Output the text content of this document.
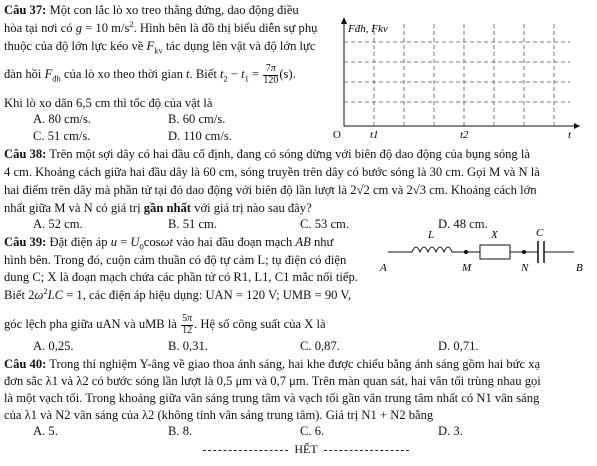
Câu 37: Một con lắc lò xo treo thẳng đứng, dao động điều
hòa tại nơi có g = 10 $m/s^2$. Hình bên là đồ thị biểu diễn sự phụ
thuộc của độ lớn lực kéo về $F_{kv}$ tác dụng lên vật và độ lớn lực
đàn hồi $F_{đh}$ của lò xo theo thời gian t. Biết $t_2 - t_1 = \frac{7\pi}{120} (s)$.
Khi lò xo dãn 6,5 cm thì tốc độ của vật là
A. 80 cm/s.	B. 60 cm/s.
C. 51 cm/s.	D. 110 cm/s.
Fđh, Fkv
O	t1	t2	t
Câu 38: Trên một sợi dây có hai đầu cố định, đang có sóng dừng với biên độ dao động của bụng sóng là
4 cm. Khoảng cách giữa hai đầu dây là 60 cm, sóng truyền trên dây có bước sóng là 30 cm. Gọi M và N là
hai điểm trên dây mà phần tử tại đó dao động với biên độ lần lượt là 2√2 cm và 2√3 cm. Khoảng cách lớn
nhất giữa M và N có giá trị gần nhất với giá trị nào sau đây?
A. 52 cm.	B. 51 cm.	C. 53 cm.	D. 48 cm.
Câu 39: Đặt điện áp $u = U_0\cos\omega t$ vào hai đầu đoạn mạch AB như
hình bên. Trong đó, cuộn cảm thuần có độ tự cảm L; tụ điện có điện
dung C; X là đoạn mạch chứa các phần tử có R1, L1, C1 mắc nối tiếp.
Biết $2\omega^2LC = 1$, các điện áp hiệu dụng: UAN = 120 V; UMB = 90 V,
góc lệch pha giữa uAN và uMB là $\frac{5\pi}{12}$ . Hệ số công suất của X là
A. 0,25.	B. 0,31.	C. 0,87.	D. 0,71.
L	X	C
A	M	N	B
Câu 40: Trong thí nghiệm Y-âng về giao thoa ánh sáng, hai khe được chiếu bằng ánh sáng gồm hai bức xạ
đơn sắc λ1 và λ2 có bước sóng lần lượt là 0,5 μm và 0,7 μm. Trên màn quan sát, hai vân tối trùng nhau gọi
là một vạch tối. Trong khoảng giữa vân sáng trung tâm và vạch tối gần vân trung tâm nhất có N1 vân sáng
của λ1 và N2 vân sáng của λ2 (không tính vân sáng trung tâm). Giá trị N1 + N2 bằng
A. 5.	B. 8.	C. 6.	D. 3.
HẾT
